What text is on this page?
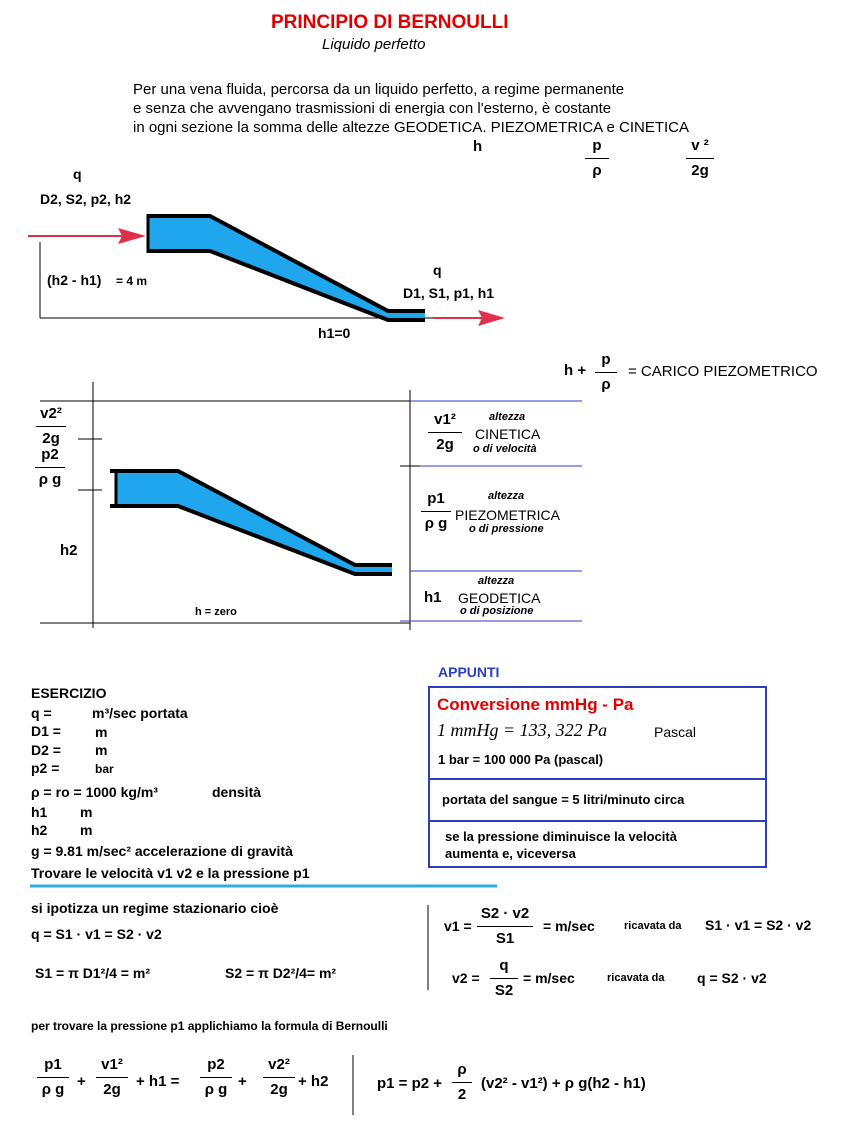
PRINCIPIO DI BERNOULLI
Liquido perfetto
Per una vena fluida, percorsa da un liquido perfetto, a regime permanente
e senza che avvengano trasmissioni di energia con l'esterno, è costante
in ogni sezione la somma delle altezze GEODETICA. PIEZOMETRICA e CINETICA
h	p
ρ
v ²
2g
q
D2, S2, p2, h2
(h2 - h1) = 4 m
q
D1, S1, p1, h1
h1=0
h +
p
ρ
= CARICO PIEZOMETRICO
v2²
2g
p2
ρ g
h2
h = zero
v1²
2g
altezza
CINETICA
o di velocità
p1
ρ g
altezza
PIEZOMETRICA
o di pressione
h1
altezza
GEODETICA
o di posizione
APPUNTI
Conversione mmHg - Pa
1 mmHg = 133, 322 Pa	Pascal
1 bar = 100 000 Pa (pascal)
portata del sangue = 5 litri/minuto circa
se la pressione diminuisce la velocità
aumenta e, viceversa
ESERCIZIO
q =	m³/sec portata
D1 = m
D2 = m
p2 =	bar
ρ = ro = 1000 kg/m³	densità
h1 m
h2 m
g = 9.81 m/sec² accelerazione di gravità
Trovare le velocità v1 v2 e la pressione p1
si ipotizza un regime stazionario cioè
q = S1 · v1 = S2 · v2
S1 = π D1²/4 = m²	S2 = π D2²/4= m²
v1 =
S2 · v2
S1
= m/sec	ricavata da S1 · v1 = S2 · v2
v2 =
q
S2
= m/sec	ricavata da q = S2 · v2
per trovare la pressione p1 applichiamo la formula di Bernoulli
p1
ρ g +
v1²
2g + h1 =
p2
ρ g +
v2²
2g + h2	p1 = p2 +
ρ
2
(v2² - v1²) + ρ g(h2 - h1)
